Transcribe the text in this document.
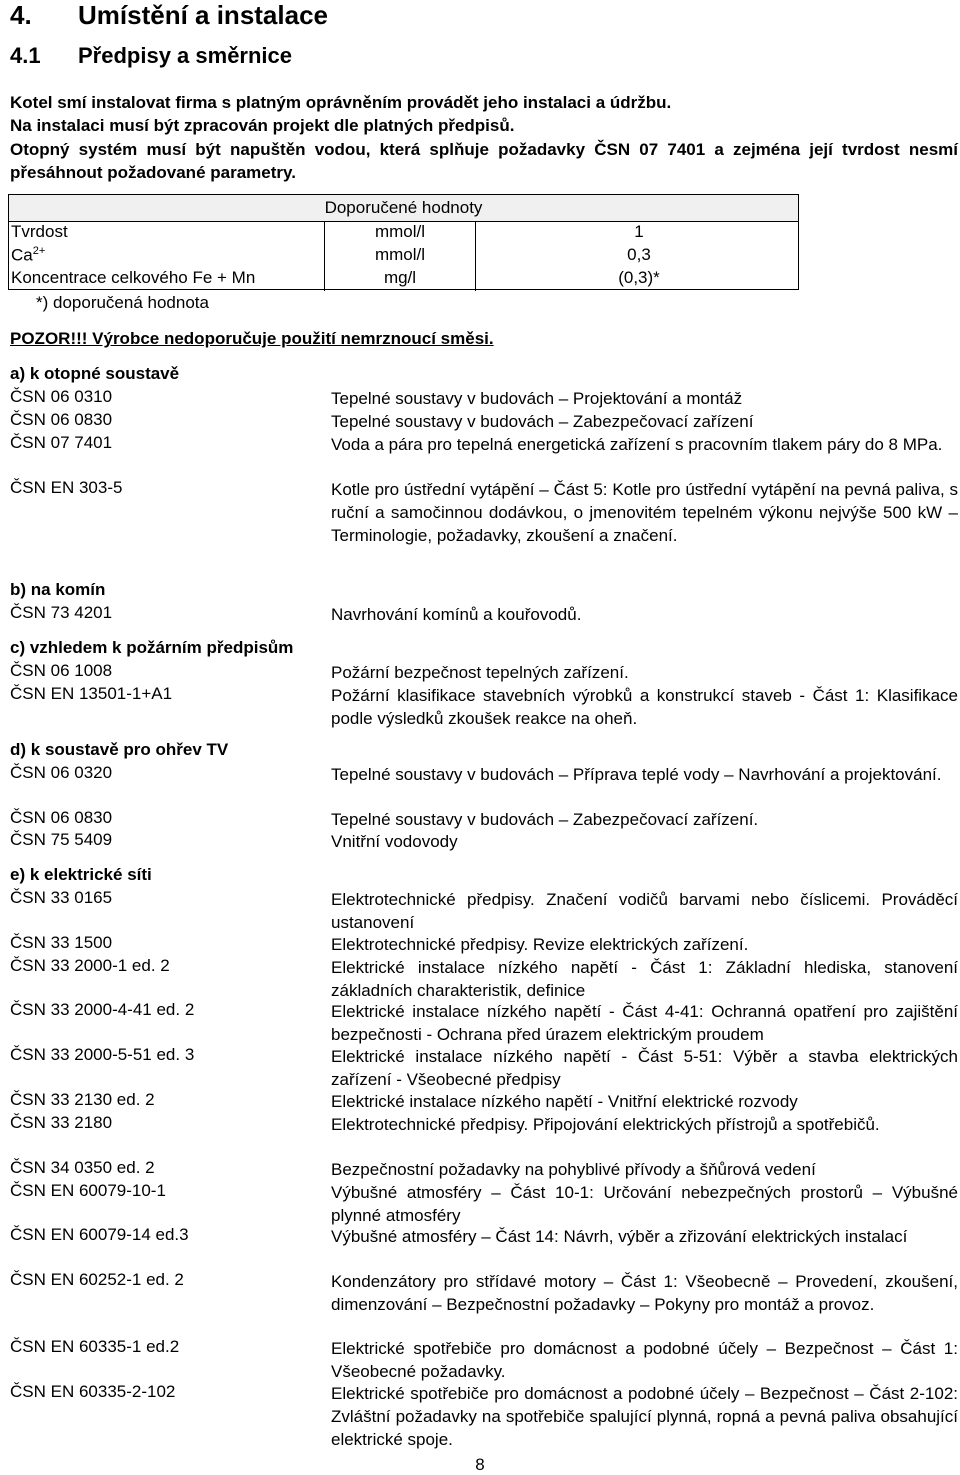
4. Umístění a instalace
4.1 Předpisy a směrnice
Kotel smí instalovat firma s platným oprávněním provádět jeho instalaci a údržbu.
Na instalaci musí být zpracován projekt dle platných předpisů.
Otopný systém musí být napuštěn vodou, která splňuje požadavky ČSN 07 7401 a zejména její tvrdost nesmí přesáhnout požadované parametry.
Doporučené hodnoty
Tvrdost	mmol/l	1
$Ca^{2+}$	mmol/l	0,3
Koncentrace celkového Fe + Mn	mg/l	(0,3)*
*) doporučená hodnota
POZOR!!! Výrobce nedoporučuje použití nemrznoucí směsi.
a) k otopné soustavě
ČSN 06 0310	Tepelné soustavy v budovách – Projektování a montáž
ČSN 06 0830	Tepelné soustavy v budovách – Zabezpečovací zařízení
ČSN 07 7401	Voda a pára pro tepelná energetická zařízení s pracovním tlakem páry do 8 MPa.
ČSN EN 303-5	Kotle pro ústřední vytápění – Část 5: Kotle pro ústřední vytápění na pevná paliva, s ruční a samočinnou dodávkou, o jmenovitém tepelném výkonu nejvýše 500 kW – Terminologie, požadavky, zkoušení a značení.
b) na komín
ČSN 73 4201	Navrhování komínů a kouřovodů.
c) vzhledem k požárním předpisům
ČSN 06 1008	Požární bezpečnost tepelných zařízení.
ČSN EN 13501-1+A1	Požární klasifikace stavebních výrobků a konstrukcí staveb - Část 1: Klasifikace podle výsledků zkoušek reakce na oheň.
d) k soustavě pro ohřev TV
ČSN 06 0320	Tepelné soustavy v budovách – Příprava teplé vody – Navrhování a projektování.
ČSN 06 0830	Tepelné soustavy v budovách – Zabezpečovací zařízení.
ČSN 75 5409	Vnitřní vodovody
e) k elektrické síti
ČSN 33 0165	Elektrotechnické předpisy. Značení vodičů barvami nebo číslicemi. Prováděcí ustanovení
ČSN 33 1500	Elektrotechnické předpisy. Revize elektrických zařízení.
ČSN 33 2000-1 ed. 2	Elektrické instalace nízkého napětí - Část 1: Základní hlediska, stanovení základních charakteristik, definice
ČSN 33 2000-4-41 ed. 2	Elektrické instalace nízkého napětí - Část 4-41: Ochranná opatření pro zajištění bezpečnosti - Ochrana před úrazem elektrickým proudem
ČSN 33 2000-5-51 ed. 3	Elektrické instalace nízkého napětí - Část 5-51: Výběr a stavba elektrických zařízení - Všeobecné předpisy
ČSN 33 2130 ed. 2	Elektrické instalace nízkého napětí - Vnitřní elektrické rozvody
ČSN 33 2180	Elektrotechnické předpisy. Připojování elektrických přístrojů a spotřebičů.
ČSN 34 0350 ed. 2	Bezpečnostní požadavky na pohyblivé přívody a šňůrová vedení
ČSN EN 60079-10-1	Výbušné atmosféry – Část 10-1: Určování nebezpečných prostorů – Výbušné plynné atmosféry
ČSN EN 60079-14 ed.3	Výbušné atmosféry – Část 14: Návrh, výběr a zřizování elektrických instalací
ČSN EN 60252-1 ed. 2	Kondenzátory pro střídavé motory – Část 1: Všeobecně – Provedení, zkoušení, dimenzování – Bezpečnostní požadavky – Pokyny pro montáž a provoz.
ČSN EN 60335-1 ed.2	Elektrické spotřebiče pro domácnost a podobné účely – Bezpečnost – Část 1: Všeobecné požadavky.
ČSN EN 60335-2-102	Elektrické spotřebiče pro domácnost a podobné účely – Bezpečnost – Část 2-102: Zvláštní požadavky na spotřebiče spalující plynná, ropná a pevná paliva obsahující elektrické spoje.
8
